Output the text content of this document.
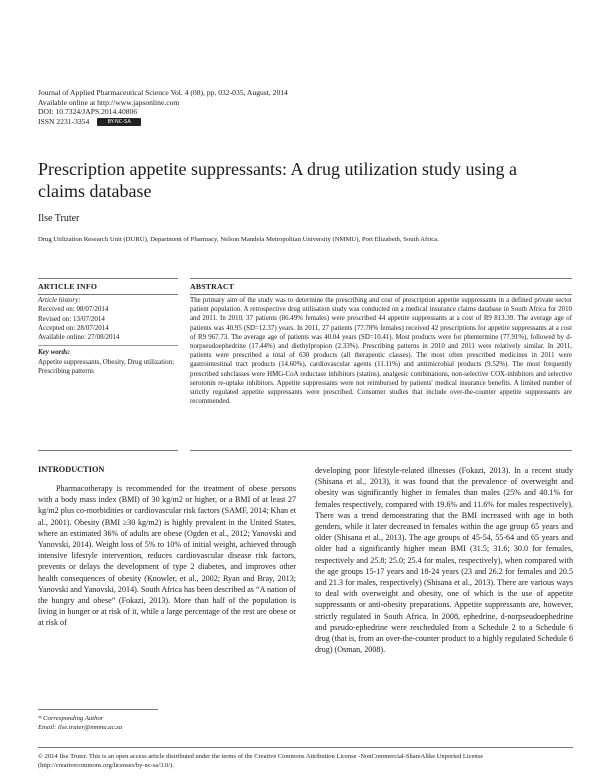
Journal of Applied Pharmaceutical Science Vol. 4 (08), pp. 032-035, August, 2014
Available online at http://www.japsonline.com
DOI: 10.7324/JAPS.2014.40806
ISSN 2231-3354	BY-NC-SA
Prescription appetite suppressants: A drug utilization study using a claims database
Ilse Truter
Drug Utilization Research Unit (DURU), Department of Pharmacy, Nelson Mandela Metropolitan University (NMMU), Port Elizabeth, South Africa.
ARTICLE INFO	ABSTRACT
Article history:
Received on: 08/07/2014
Revised on: 13/07/2014
Accepted on: 28/07/2014
Available online: 27/08/2014
Key words:
Appetite suppressants, Obesity, Drug utilization; Prescribing patterns
The primary aim of the study was to determine the prescribing and cost of prescription appetite suppressants in a defined private sector patient population. A retrospective drug utilisation study was conducted on a medical insurance claims database in South Africa for 2010 and 2011. In 2010, 37 patients (86.49% females) were prescribed 44 appetite suppressants at a cost of R9 813.39. The average age of patients was 40.95 (SD=12.37) years. In 2011, 27 patients (77.78% females) received 42 prescriptions for appetite suppressants at a cost of R9 967.73. The average age of patients was 40.04 years (SD=10.41). Most products were for phentermine (77.91%), followed by d-norpseudoephedrine (17.44%) and diethylpropion (2.33%). Prescribing patterns in 2010 and 2011 were relatively similar. In 2011, patients were prescribed a total of 630 products (all therapeutic classes). The most often prescribed medicines in 2011 were gastrointestinal tract products (14.60%), cardiovascular agents (11.11%) and antimicrobial products (9.52%). The most frequently prescribed subclasses were HMG-CoA reductase inhibitors (statins), analgesic combinations, non-selective COX-inhibitors and selective serotonin re-uptake inhibitors. Appetite suppressants were not reimbursed by patients' medical insurance benefits. A limited number of strictly regulated appetite suppressants were prescribed. Consumer studies that include over-the-counter appetite suppressants are recommended.
INTRODUCTION

Pharmacotherapy is recommended for the treatment of obese persons with a body mass index (BMI) of 30 kg/m2 or higher, or a BMI of at least 27 kg/m2 plus co-morbidities or cardiovascular risk factors (SAMF, 2014; Khan et al., 2001). Obesity (BMI ≥30 kg/m2) is highly prevalent in the United States, where an estimated 36% of adults are obese (Ogden et al., 2012; Yanovski and Yanovski, 2014). Weight loss of 5% to 10% of initial weight, achieved through intensive lifestyle intervention, reduces cardiovascular disease risk factors, prevents or delays the development of type 2 diabetes, and improves other health consequences of obesity (Knowler, et al., 2002; Ryan and Bray, 2013; Yanovski and Yanovski, 2014). South Africa has been described as “A nation of the hungry and obese” (Fokazi, 2013). More than half of the population is living in hunger or at risk of it, while a large percentage of the rest are obese or at risk of

developing poor lifestyle-related illnesses (Fokazi, 2013). In a recent study (Shisana et al., 2013), it was found that the prevalence of overweight and obesity was significantly higher in females than males (25% and 40.1% for females respectively, compared with 19.6% and 11.6% for males respectively). There was a trend demonstrating that the BMI increased with age in both genders, while it later decreased in females within the age group 65 years and older (Shisana et al., 2013). The age groups of 45-54, 55-64 and 65 years and older had a significantly higher mean BMI (31.5; 31.6; 30.0 for females, respectively and 25.8; 25.0; 25.4 for males, respectively), when compared with the age groups 15-17 years and 18-24 years (23 and 26.2 for females and 20.5 and 21.3 for males, respectively) (Shisana et al., 2013). There are various ways to deal with overweight and obesity, one of which is the use of appetite suppressants or anti-obesity preparations. Appetite suppressants are, however, strictly regulated in South Africa. In 2008, ephedrine, d-norpseudoephedrine and pseudo-ephedrine were rescheduled from a Schedule 2 to a Schedule 6 drug (that is, from an over-the-counter product to a highly regulated Schedule 6 drug) (Osman, 2008).

* Corresponding Author
Email: ilse.truter@nmmu.ac.za
© 2014 Ilse Truter. This is an open access article distributed under the terms of the Creative Commons Attribution License -NonCommercial-ShareAlike Unported License (http://creativecommons.org/licenses/by-nc-sa/3.0/).
